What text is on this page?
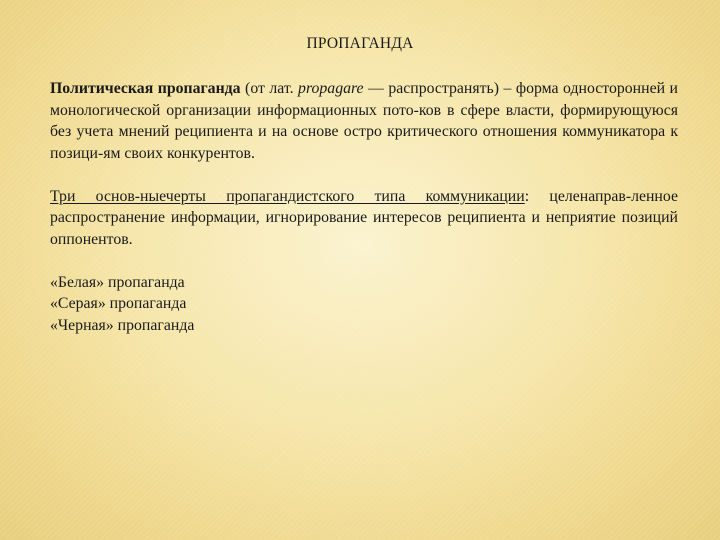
ПРОПАГАНДА

Политическая пропаганда (от лат. propagare — распространять) – форма односторонней и монологической организации информационных пото-ков в сфере власти, формирующуюся без учета мнений реципиента и на основе остро критического отношения коммуникатора к позици-ям своих конкурентов.

Три основ-ныечерты пропагандистского типа коммуникации: целенаправ-ленное распространение информации, игнорирование интересов реципиента и неприятие позиций оппонентов.

«Белая» пропаганда
«Серая» пропаганда
«Черная» пропаганда
